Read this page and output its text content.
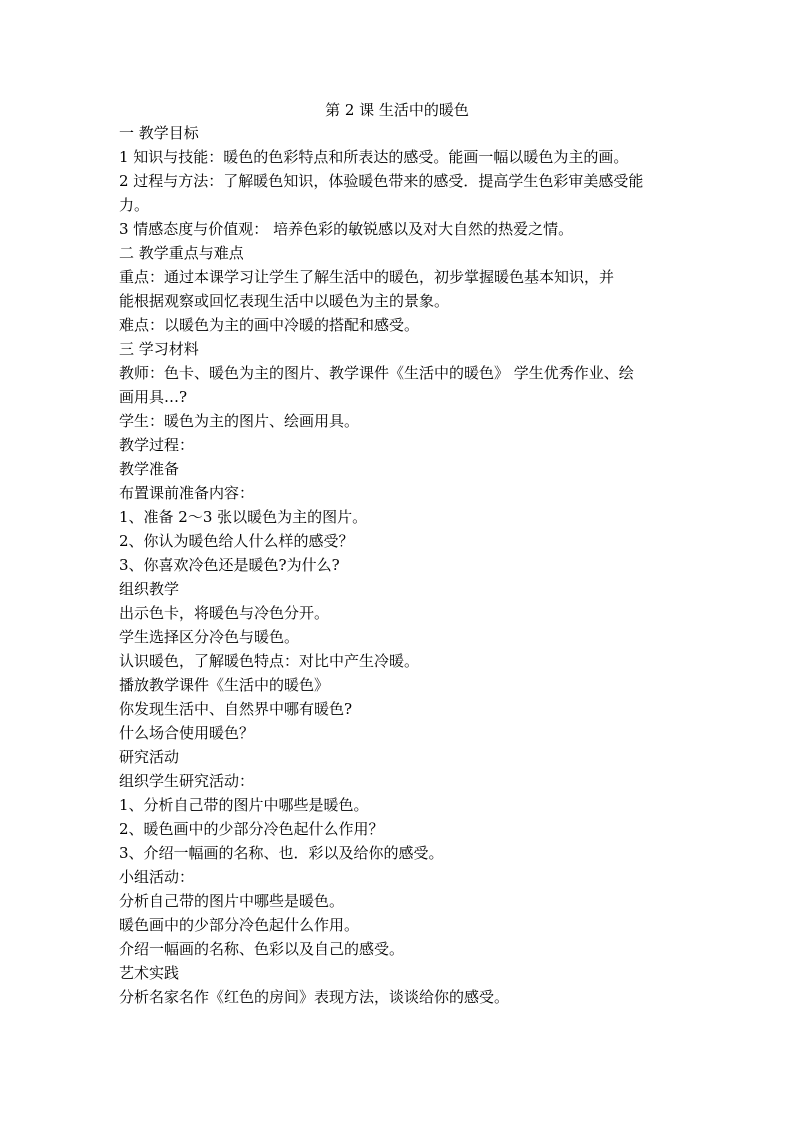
第 2 课 生活中的暖色
一 教学目标
1 知识与技能：暖色的色彩特点和所表达的感受。能画一幅以暖色为主的画。
2 过程与方法：了解暖色知识，体验暖色带来的感受．提高学生色彩审美感受能
力。
3 情感态度与价值观： 培养色彩的敏锐感以及对大自然的热爱之情。
二 教学重点与难点
重点：通过本课学习让学生了解生活中的暖色，初步掌握暖色基本知识，并
能根据观察或回忆表现生活中以暖色为主的景象。
难点：以暖色为主的画中冷暖的搭配和感受。
三 学习材料
教师：色卡、暖色为主的图片、教学课件《生活中的暖色》 学生优秀作业、绘
画用具…?
学生：暖色为主的图片、绘画用具。
教学过程：
教学准备
布置课前准备内容：
1、准备 2～3 张以暖色为主的图片。
2、你认为暖色给人什么样的感受？
3、你喜欢冷色还是暖色?为什么?
组织教学
出示色卡，将暖色与冷色分开。
学生选择区分冷色与暖色。
认识暖色，了解暖色特点：对比中产生冷暖。
播放教学课件《生活中的暖色》
你发现生活中、自然界中哪有暖色?
什么场合使用暖色？
研究活动
组织学生研究活动：
1、分析自己带的图片中哪些是暖色。
2、暖色画中的少部分冷色起什么作用？
3、介绍一幅画的名称、也．彩以及给你的感受。
小组活动：
分析自己带的图片中哪些是暖色。
暖色画中的少部分冷色起什么作用。
介绍一幅画的名称、色彩以及自己的感受。
艺术实践
分析名家名作《红色的房间》表现方法，谈谈给你的感受。
